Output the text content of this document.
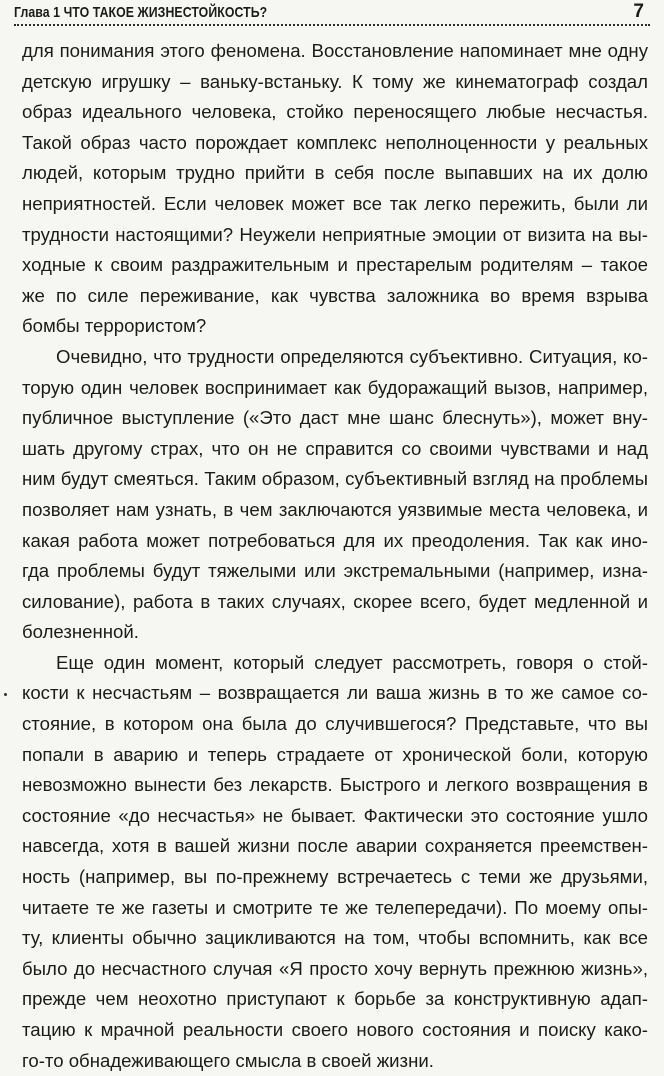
Глава 1 ЧТО ТАКОЕ ЖИЗНЕСТОЙКОСТЬ?	7
для понимания этого феномена. Восстановление напоминает мне одну
детскую игрушку – ваньку-встаньку. К тому же кинематограф создал
образ идеального человека, стойко переносящего любые несчастья.
Такой образ часто порождает комплекс неполноценности у реальных
людей, которым трудно прийти в себя после выпавших на их долю
неприятностей. Если человек может все так легко пережить, были ли
трудности настоящими? Неужели неприятные эмоции от визита на вы-
ходные к своим раздражительным и престарелым родителям – такое
же по силе переживание, как чувства заложника во время взрыва
бомбы террористом?
Очевидно, что трудности определяются субъективно. Ситуация, ко-
торую один человек воспринимает как будоражащий вызов, например,
публичное выступление («Это даст мне шанс блеснуть»), может вну-
шать другому страх, что он не справится со своими чувствами и над
ним будут смеяться. Таким образом, субъективный взгляд на проблемы
позволяет нам узнать, в чем заключаются уязвимые места человека, и
какая работа может потребоваться для их преодоления. Так как ино-
гда проблемы будут тяжелыми или экстремальными (например, изна-
силование), работа в таких случаях, скорее всего, будет медленной и
болезненной.
Еще один момент, который следует рассмотреть, говоря о стой-
кости к несчастьям – возвращается ли ваша жизнь в то же самое со-
стояние, в котором она была до случившегося? Представьте, что вы
попали в аварию и теперь страдаете от хронической боли, которую
невозможно вынести без лекарств. Быстрого и легкого возвращения в
состояние «до несчастья» не бывает. Фактически это состояние ушло
навсегда, хотя в вашей жизни после аварии сохраняется преемствен-
ность (например, вы по-прежнему встречаетесь с теми же друзьями,
читаете те же газеты и смотрите те же телепередачи). По моему опы-
ту, клиенты обычно зацикливаются на том, чтобы вспомнить, как все
было до несчастного случая «Я просто хочу вернуть прежнюю жизнь»,
прежде чем неохотно приступают к борьбе за конструктивную адап-
тацию к мрачной реальности своего нового состояния и поиску како-
го-то обнадеживающего смысла в своей жизни.
